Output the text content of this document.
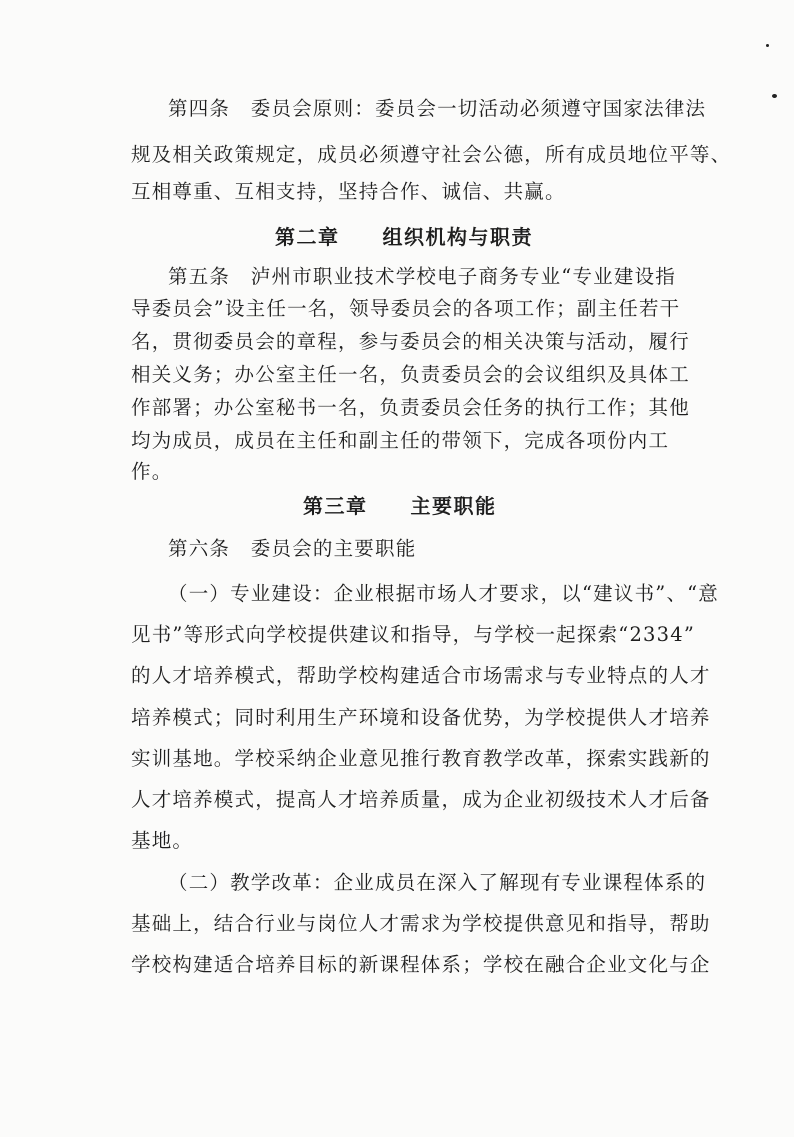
第四条　委员会原则：委员会一切活动必须遵守国家法律法
规及相关政策规定，成员必须遵守社会公德，所有成员地位平等、
互相尊重、互相支持，坚持合作、诚信、共赢。
第二章　　组织机构与职责
第五条　泸州市职业技术学校电子商务专业“专业建设指
导委员会”设主任一名，领导委员会的各项工作；副主任若干
名，贯彻委员会的章程，参与委员会的相关决策与活动，履行
相关义务；办公室主任一名，负责委员会的会议组织及具体工
作部署；办公室秘书一名，负责委员会任务的执行工作；其他
均为成员，成员在主任和副主任的带领下，完成各项份内工
作。
第三章　　主要职能
第六条　委员会的主要职能
（一）专业建设：企业根据市场人才要求，以“建议书”、“意
见书”等形式向学校提供建议和指导，与学校一起探索“2334”
的人才培养模式，帮助学校构建适合市场需求与专业特点的人才
培养模式；同时利用生产环境和设备优势，为学校提供人才培养
实训基地。学校采纳企业意见推行教育教学改革，探索实践新的
人才培养模式，提高人才培养质量，成为企业初级技术人才后备
基地。
（二）教学改革：企业成员在深入了解现有专业课程体系的
基础上，结合行业与岗位人才需求为学校提供意见和指导，帮助
学校构建适合培养目标的新课程体系；学校在融合企业文化与企
